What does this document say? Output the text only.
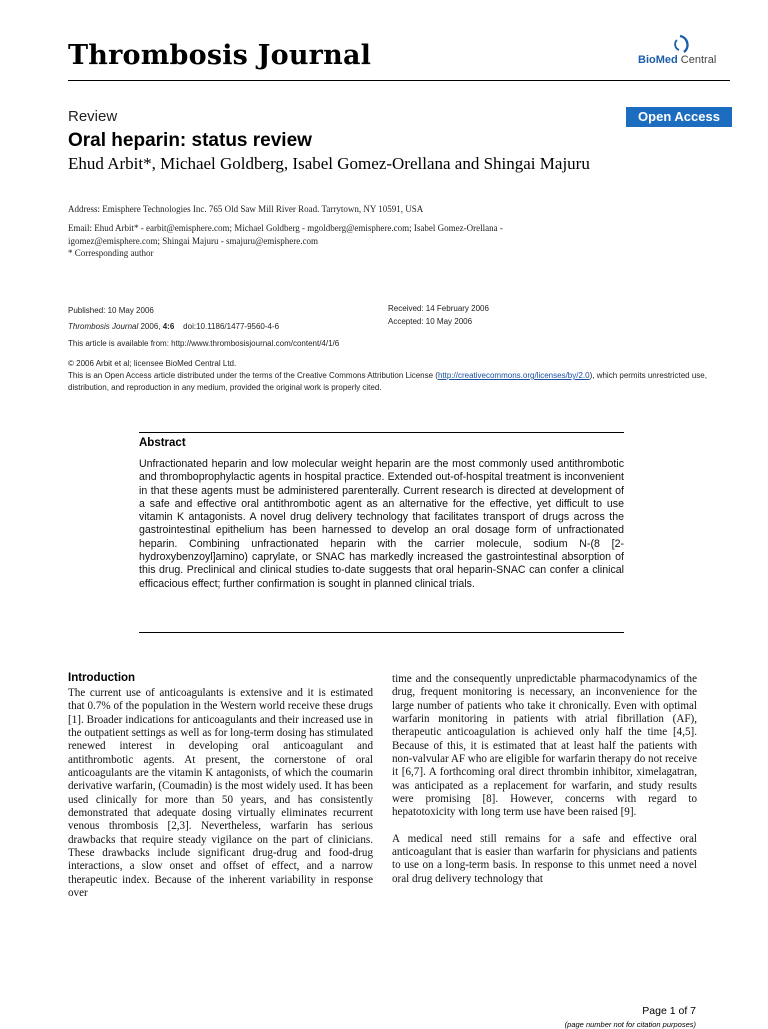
Thrombosis Journal	BioMed Central
Review	Open Access
Oral heparin: status review
Ehud Arbit*, Michael Goldberg, Isabel Gomez-Orellana and Shingai Majuru
Address: Emisphere Technologies Inc. 765 Old Saw Mill River Road. Tarrytown, NY 10591, USA
Email: Ehud Arbit* - earbit@emisphere.com; Michael Goldberg - mgoldberg@emisphere.com; Isabel Gomez-Orellana - igomez@emisphere.com; Shingai Majuru - smajuru@emisphere.com
* Corresponding author
Published: 10 May 2006
Thrombosis Journal 2006, 4:6    doi:10.1186/1477-9560-4-6
Received: 14 February 2006
Accepted: 10 May 2006
This article is available from: http://www.thrombosisjournal.com/content/4/1/6
© 2006 Arbit et al; licensee BioMed Central Ltd.
This is an Open Access article distributed under the terms of the Creative Commons Attribution License (http://creativecommons.org/licenses/by/2.0), which permits unrestricted use, distribution, and reproduction in any medium, provided the original work is properly cited.
Abstract
Unfractionated heparin and low molecular weight heparin are the most commonly used antithrombotic and thromboprophylactic agents in hospital practice. Extended out-of-hospital treatment is inconvenient in that these agents must be administered parenterally. Current research is directed at development of a safe and effective oral antithrombotic agent as an alternative for the effective, yet difficult to use vitamin K antagonists. A novel drug delivery technology that facilitates transport of drugs across the gastrointestinal epithelium has been harnessed to develop an oral dosage form of unfractionated heparin. Combining unfractionated heparin with the carrier molecule, sodium N-(8 [2-hydroxybenzoyl]amino) caprylate, or SNAC has markedly increased the gastrointestinal absorption of this drug. Preclinical and clinical studies to-date suggests that oral heparin-SNAC can confer a clinical efficacious effect; further confirmation is sought in planned clinical trials.
Introduction

The current use of anticoagulants is extensive and it is estimated that 0.7% of the population in the Western world receive these drugs [1]. Broader indications for anticoagulants and their increased use in the outpatient settings as well as for long-term dosing has stimulated renewed interest in developing oral anticoagulant and antithrombotic agents. At present, the cornerstone of oral anticoagulants are the vitamin K antagonists, of which the coumarin derivative warfarin, (Coumadin) is the most widely used. It has been used clinically for more than 50 years, and has consistently demonstrated that adequate dosing virtually eliminates recurrent venous thrombosis [2,3]. Nevertheless, warfarin has serious drawbacks that require steady vigilance on the part of clinicians. These drawbacks include significant drug-drug and food-drug interactions, a slow onset and offset of effect, and a narrow therapeutic index. Because of the inherent variability in response over

time and the consequently unpredictable pharmacodynamics of the drug, frequent monitoring is necessary, an inconvenience for the large number of patients who take it chronically. Even with optimal warfarin monitoring in patients with atrial fibrillation (AF), therapeutic anticoagulation is achieved only half the time [4,5]. Because of this, it is estimated that at least half the patients with non-valvular AF who are eligible for warfarin therapy do not receive it [6,7]. A forthcoming oral direct thrombin inhibitor, ximelagatran, was anticipated as a replacement for warfarin, and study results were promising [8]. However, concerns with regard to hepatotoxicity with long term use have been raised [9].

A medical need still remains for a safe and effective oral anticoagulant that is easier than warfarin for physicians and patients to use on a long-term basis. In response to this unmet need a novel oral drug delivery technology that

Page 1 of 7
(page number not for citation purposes)
